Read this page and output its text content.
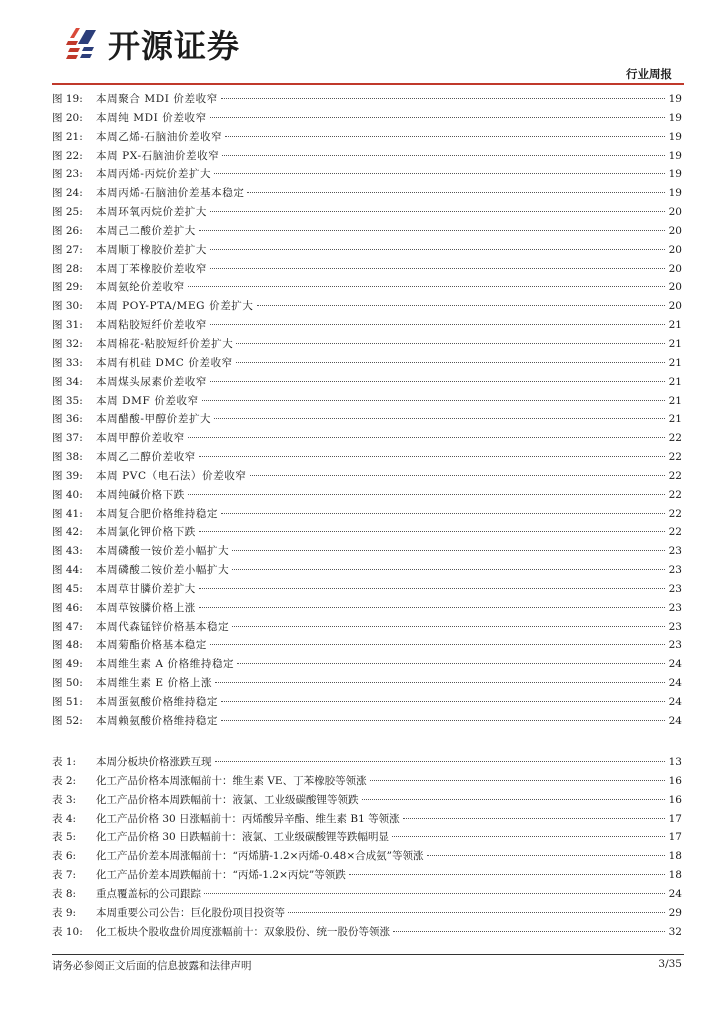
开源证券
行业周报
图 19:	本周聚合 MDI 价差收窄	19
图 20:	本周纯 MDI 价差收窄	19
图 21:	本周乙烯-石脑油价差收窄	19
图 22:	本周 PX-石脑油价差收窄	19
图 23:	本周丙烯-丙烷价差扩大	19
图 24:	本周丙烯-石脑油价差基本稳定	19
图 25:	本周环氧丙烷价差扩大	20
图 26:	本周己二酸价差扩大	20
图 27:	本周顺丁橡胶价差扩大	20
图 28:	本周丁苯橡胶价差收窄	20
图 29:	本周氨纶价差收窄	20
图 30:	本周 POY-PTA/MEG 价差扩大	20
图 31:	本周粘胶短纤价差收窄	21
图 32:	本周棉花-粘胶短纤价差扩大	21
图 33:	本周有机硅 DMC 价差收窄	21
图 34:	本周煤头尿素价差收窄	21
图 35:	本周 DMF 价差收窄	21
图 36:	本周醋酸-甲醇价差扩大	21
图 37:	本周甲醇价差收窄	22
图 38:	本周乙二醇价差收窄	22
图 39:	本周 PVC（电石法）价差收窄	22
图 40:	本周纯碱价格下跌	22
图 41:	本周复合肥价格维持稳定	22
图 42:	本周氯化钾价格下跌	22
图 43:	本周磷酸一铵价差小幅扩大	23
图 44:	本周磷酸二铵价差小幅扩大	23
图 45:	本周草甘膦价差扩大	23
图 46:	本周草铵膦价格上涨	23
图 47:	本周代森锰锌价格基本稳定	23
图 48:	本周菊酯价格基本稳定	23
图 49:	本周维生素 A 价格维持稳定	24
图 50:	本周维生素 E 价格上涨	24
图 51:	本周蛋氨酸价格维持稳定	24
图 52:	本周赖氨酸价格维持稳定	24
表 1:	本周分板块价格涨跌互现	13
表 2:	化工产品价格本周涨幅前十：维生素 VE、丁苯橡胶等领涨	16
表 3:	化工产品价格本周跌幅前十：液氯、工业级碳酸锂等领跌	16
表 4:	化工产品价格 30 日涨幅前十：丙烯酸异辛酯、维生素 B1 等领涨	17
表 5:	化工产品价格 30 日跌幅前十：液氯、工业级碳酸锂等跌幅明显	17
表 6:	化工产品价差本周涨幅前十：“丙烯腈-1.2×丙烯-0.48×合成氨”等领涨	18
表 7:	化工产品价差本周跌幅前十：“丙烯-1.2×丙烷”等领跌	18
表 8:	重点覆盖标的公司跟踪	24
表 9:	本周重要公司公告：巨化股份项目投资等	29
表 10:	化工板块个股收盘价周度涨幅前十：双象股份、统一股份等领涨	32
请务必参阅正文后面的信息披露和法律声明	3/35
